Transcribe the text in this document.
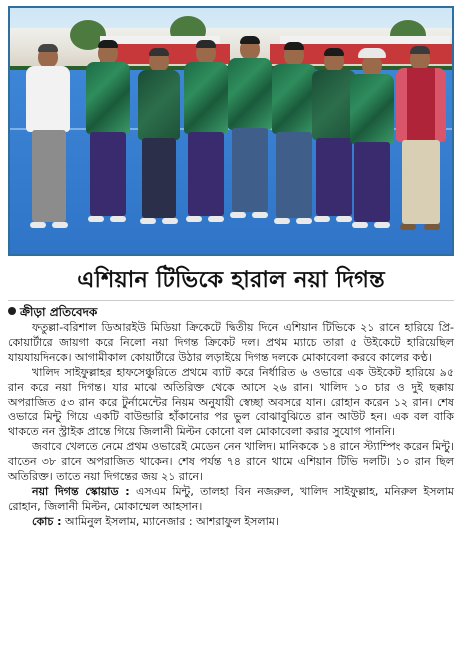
এশিয়ান টিভিকে হারাল নয়া দিগন্ত
ক্রীড়া প্রতিবেদক

ফতুল্লা-বরিশাল ডিআরইউ মিডিয়া ক্রিকেটে দ্বিতীয় দিনে এশিয়ান টিভিকে ২১ রানে হারিয়ে প্রি-কোয়ার্টারে জায়গা করে নিলো নয়া দিগন্ত ক্রিকেট দল। প্রথম ম্যাচে তারা ৫ উইকেটে হারিয়েছিল যায়যায়দিনকে। আগামীকাল কোয়ার্টারে উঠার লড়াইয়ে দিগন্ত দলকে মোকাবেলা করবে কালের কণ্ঠ।

খালিদ সাইফুল্লাহর হাফসেঞ্চুরিতে প্রথমে ব্যাট করে নির্ধারিত ৬ ওভারে এক উইকেট হারিয়ে ৯৫ রান করে নয়া দিগন্ত। যার মাঝে অতিরিক্ত থেকে আসে ২৬ রান। খালিদ ১০ চার ও দুই ছক্কায় অপরাজিত ৫৩ রান করে টুর্নামেন্টের নিয়ম অনুযায়ী স্বেচ্ছা অবসরে যান। রোহান করেন ১২ রান। শেষ ওভারে মিন্টু গিয়ে একটি বাউন্ডারি হাঁকানোর পর ভুল বোঝাবুঝিতে রান আউট হন। এক বল বাকি থাকতে নন স্ট্রাইক প্রান্তে গিয়ে জিলানী মিল্টন কোনো বল মোকাবেলা করার সুযোগ পাননি।

জবাবে খেলতে নেমে প্রথম ওভারেই মেডেন নেন খালিদ। মানিককে ১৪ রানে স্ট্যাম্পিং করেন মিন্টু। বাতেন ৩৮ রানে অপরাজিত থাকেন। শেষ পর্যন্ত ৭৪ রানে থামে এশিয়ান টিভি দলটি। ১০ রান ছিল অতিরিক্ত। তাতে নয়া দিগন্তের জয় ২১ রানে।

নয়া দিগন্ত স্কোয়াড : এসএম মিন্টু, তালহা বিন নজরুল, খালিদ সাইফুল্লাহ, মনিরুল ইসলাম রোহান, জিলানী মিল্টন, মোকাম্মেল আহসান।

কোচ : আমিনুল ইসলাম, ম্যানেজার : আশরাফুল ইসলাম।
